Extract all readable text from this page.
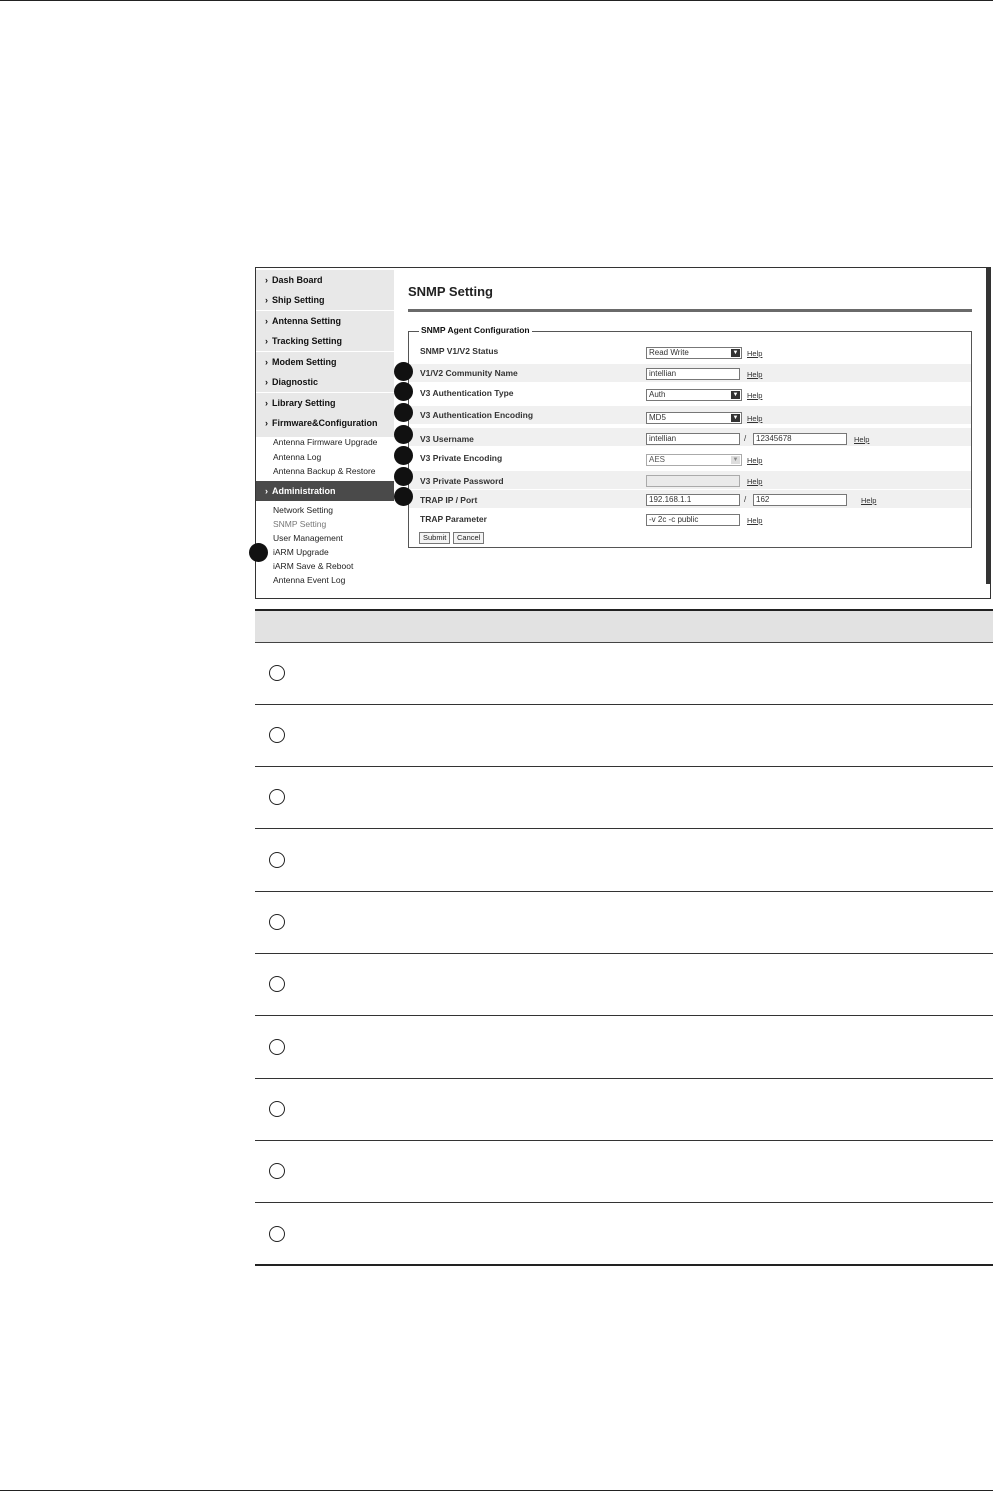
› Dash Board
› Ship Setting
› Antenna Setting
› Tracking Setting
› Modem Setting
› Diagnostic
› Library Setting
› Firmware&Configuration
Antenna Firmware Upgrade
Antenna Log
Antenna Backup & Restore
› Administration
Network Setting
SNMP Setting
User Management
iARM Upgrade
iARM Save & Reboot
Antenna Event Log
SNMP Setting
SNMP Agent Configuration
SNMP V1/V2 Status	Read Write	▼ Help
V1/V2 Community Name	intellian	Help
V3 Authentication Type	Auth	▼ Help
V3 Authentication Encoding	MD5	▼ Help
V3 Username	intellian	/	12345678	Help
V3 Private Encoding	AES	▼ Help
V3 Private Password	Help
TRAP IP / Port	192.168.1.1	/	162	Help
TRAP Parameter	-v 2c -c public	Help
Submit	Cancel
